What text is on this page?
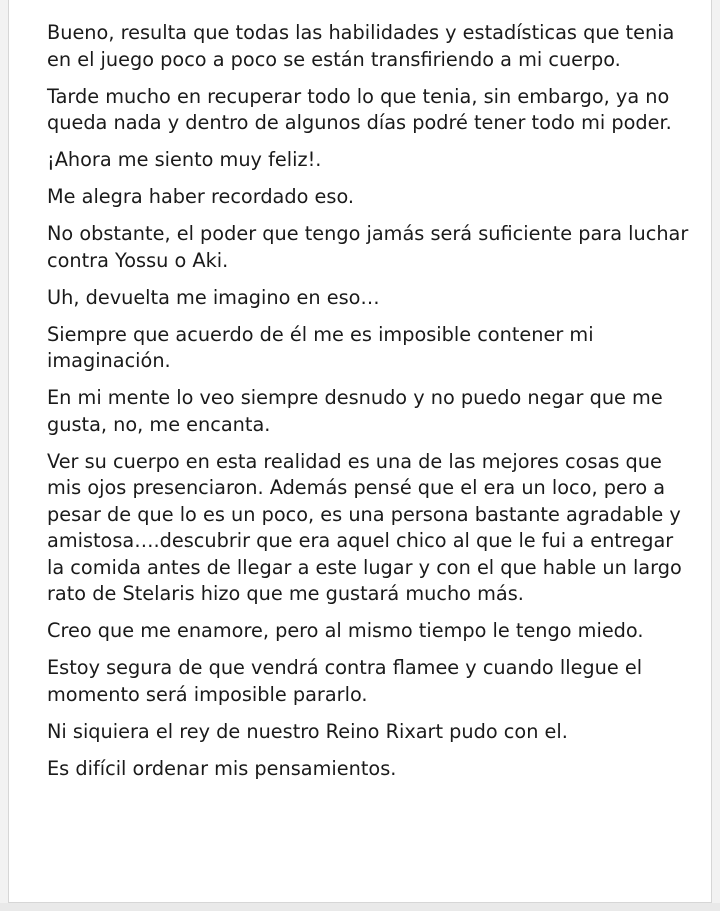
Bueno, resulta que todas las habilidades y estadísticas que tenia en el juego poco a poco se están transfiriendo a mi cuerpo.

Tarde mucho en recuperar todo lo que tenia, sin embargo, ya no queda nada y dentro de algunos días podré tener todo mi poder.

¡Ahora me siento muy feliz!.

Me alegra haber recordado eso.

No obstante, el poder que tengo jamás será suficiente para luchar contra Yossu o Aki.

Uh, devuelta me imagino en eso…

Siempre que acuerdo de él me es imposible contener mi imaginación.

En mi mente lo veo siempre desnudo y no puedo negar que me gusta, no, me encanta.

Ver su cuerpo en esta realidad es una de las mejores cosas que mis ojos presenciaron. Además pensé que el era un loco, pero a pesar de que lo es un poco, es una persona bastante agradable y amistosa….descubrir que era aquel chico al que le fui a entregar la comida antes de llegar a este lugar y con el que hable un largo rato de Stelaris hizo que me gustará mucho más.

Creo que me enamore, pero al mismo tiempo le tengo miedo.

Estoy segura de que vendrá contra flamee y cuando llegue el momento será imposible pararlo.

Ni siquiera el rey de nuestro Reino Rixart pudo con el.

Es difícil ordenar mis pensamientos.
